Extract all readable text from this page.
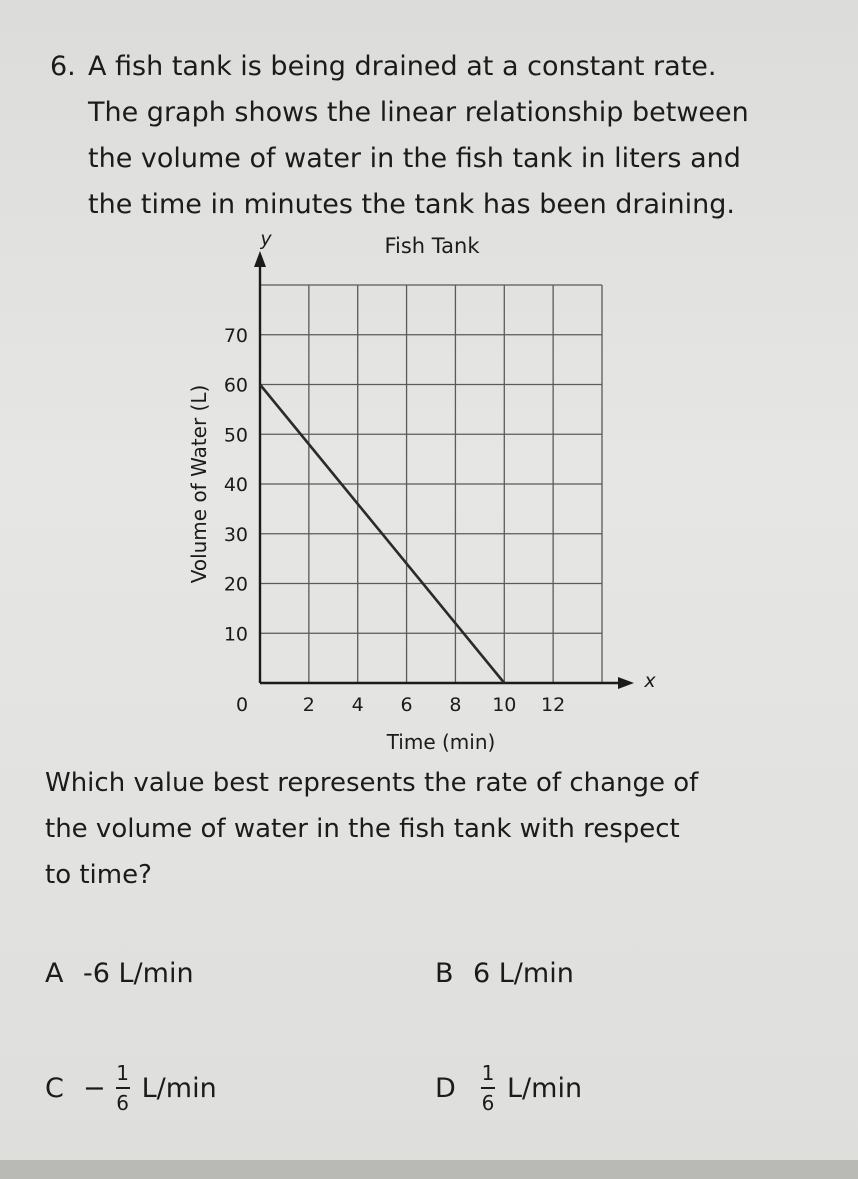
6. A fish tank is being drained at a constant rate.
The graph shows the linear relationship between
the volume of water in the fish tank in liters and
the time in minutes the tank has been draining.
Fish Tank
2 4 6 8 10 12
10
20
30
40
50
60
70
Volume of Water (L)
Time (min)
y
x
0
Which value best represents the rate of change of
the volume of water in the fish tank with respect
to time?
A -6 L/min	B 6 L/min
$C - \frac{1}{6} L/\min$	D	$\frac{1}{6} L/\min$
